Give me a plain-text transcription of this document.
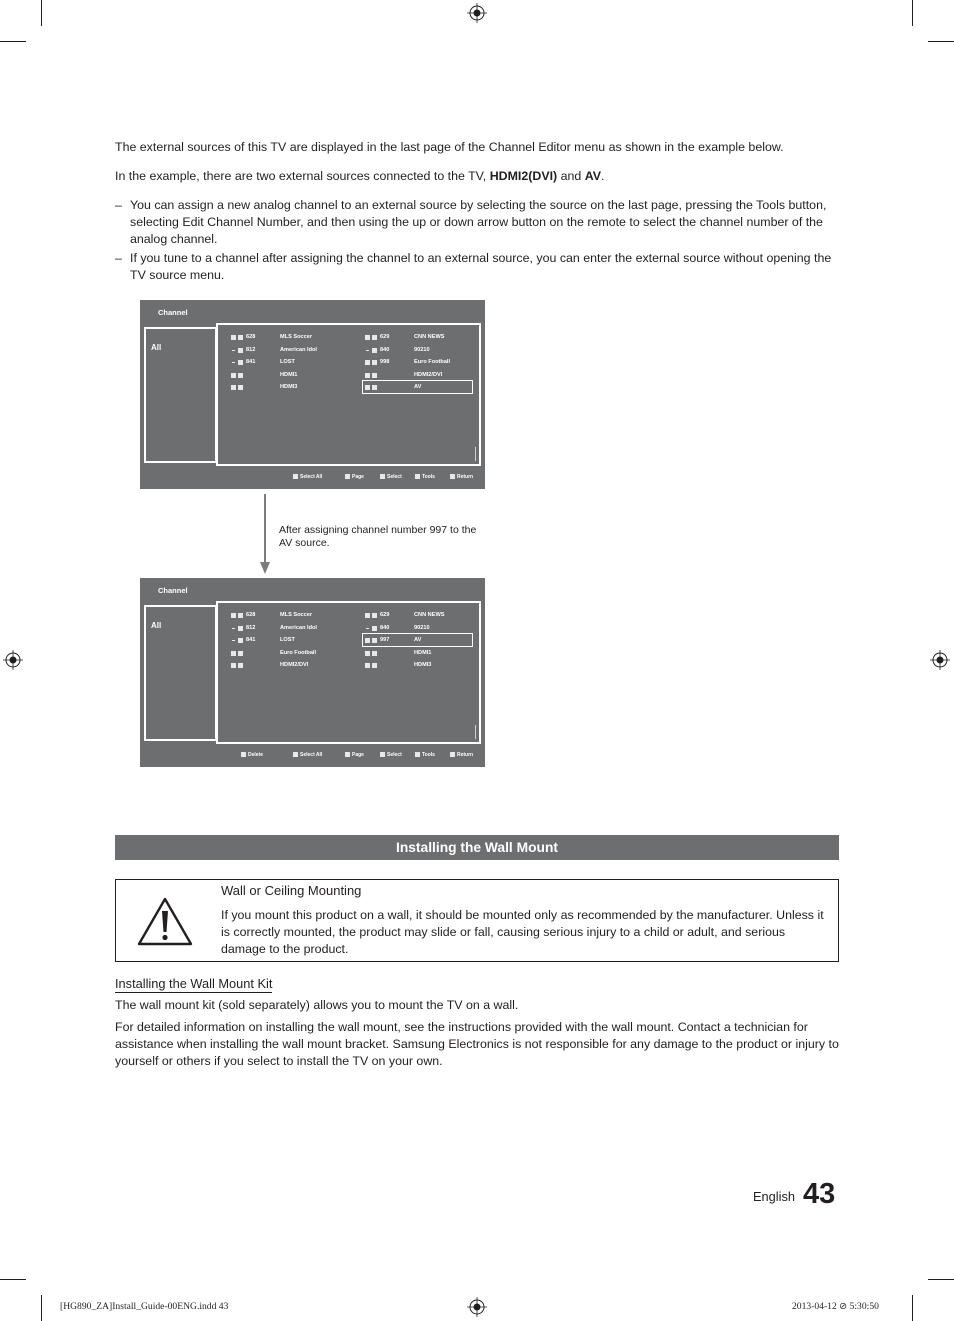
The external sources of this TV are displayed in the last page of the Channel Editor menu as shown in the example below.

In the example, there are two external sources connected to the TV, HDMI2(DVI) and AV.

– You can assign a new analog channel to an external source by selecting the source on the last page, pressing the Tools button, selecting Edit Channel Number, and then using the up or down arrow button on the remote to select the channel number of the analog channel.
– If you tune to a channel after assigning the channel to an external source, you can enter the external source without opening the TV source menu.
Channel
All
628	MLS Soccer
812	American Idol
841	LOST
HDMI1
HDMI3
629	CNN NEWS
840	90210
998	Euro Football
HDMI2/DVI
AV
Select All	Page	Select	Tools	Return
After assigning channel number 997 to the AV source.
Channel
All
628	MLS Soccer
812	American Idol
841	LOST
Euro Football
HDMI2/DVI
629	CNN NEWS
840	90210
997	AV
HDMI1
HDMI3
Delete	Select All	Page	Select	Tools	Return
Installing the Wall Mount
Wall or Ceiling Mounting
If you mount this product on a wall, it should be mounted only as recommended by the manufacturer. Unless it is correctly mounted, the product may slide or fall, causing serious injury to a child or adult, and serious damage to the product.
Installing the Wall Mount Kit

The wall mount kit (sold separately) allows you to mount the TV on a wall.

For detailed information on installing the wall mount, see the instructions provided with the wall mount. Contact a technician for assistance when installing the wall mount bracket. Samsung Electronics is not responsible for any damage to the product or injury to yourself or others if you select to install the TV on your own.

English 43
[HG890_ZA]Install_Guide-00ENG.indd 43	2013-04-12 ⊘ 5:30:50
